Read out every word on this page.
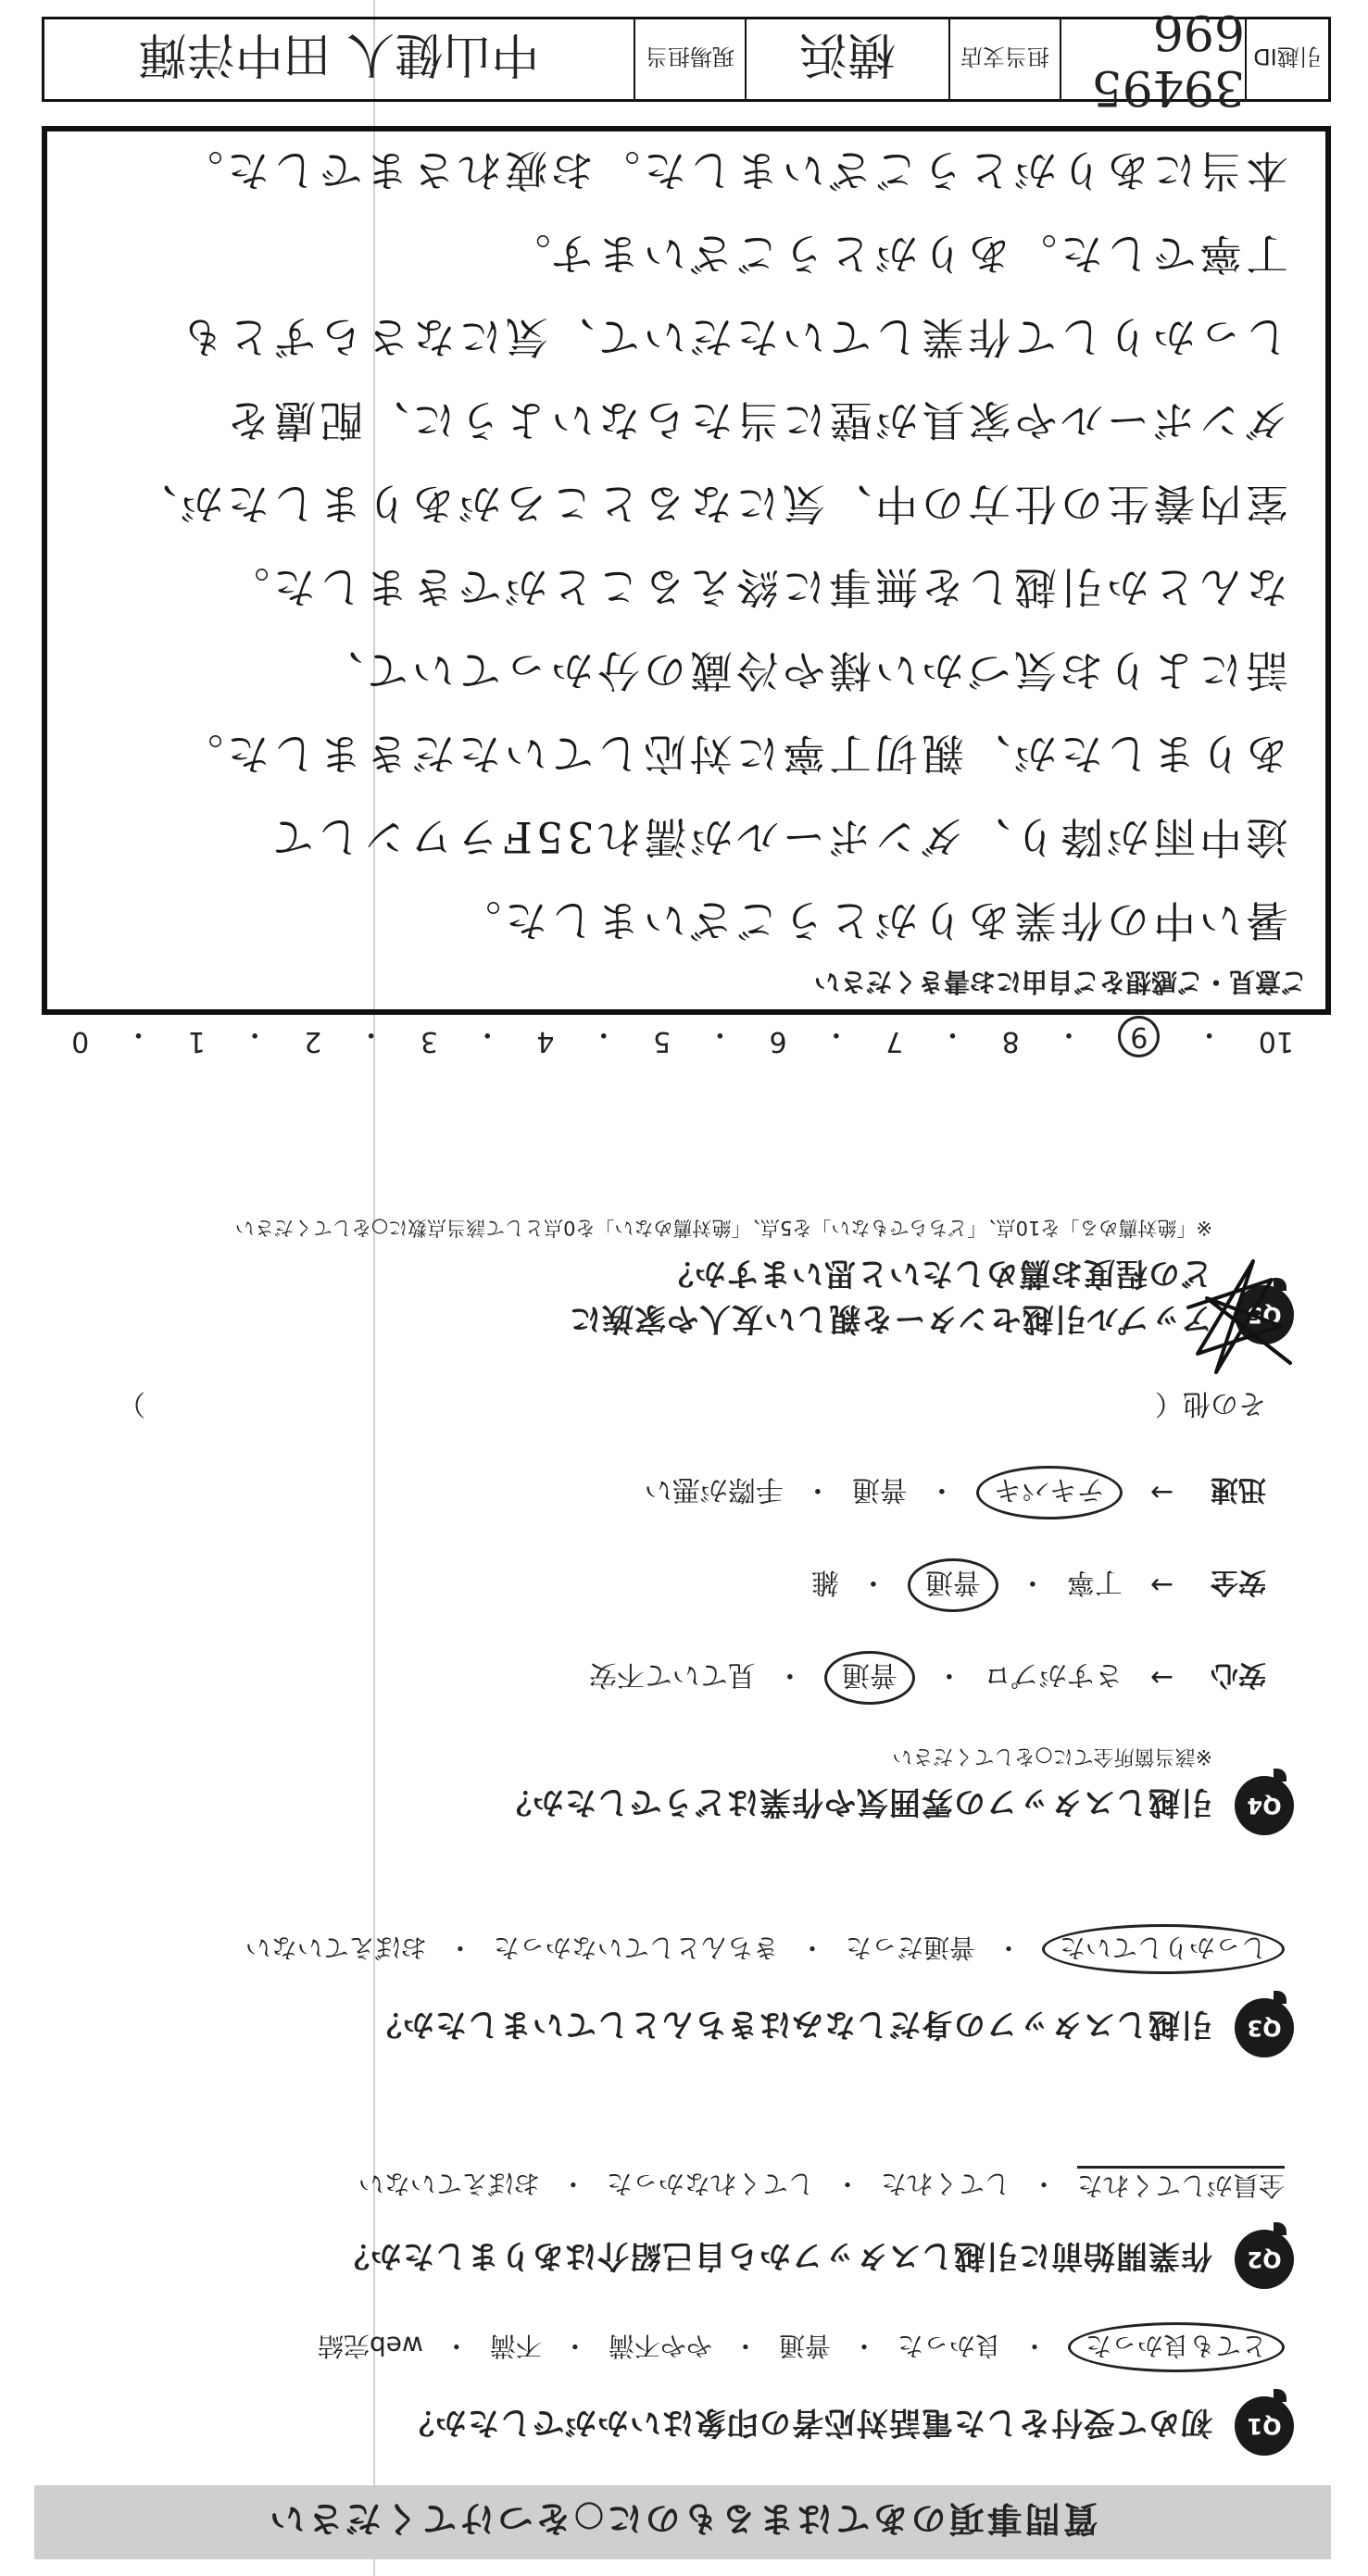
質問事項のあてはまるものに○をつけてください
Q1
初めて受付をした電話対応者の印象はいかがでしたか？
とても良かった
・
良かった
・
普通
・
やや不満
・
不満
・
web完結
Q2
作業開始前に引越しスタッフから自己紹介はありましたか？
全員がしてくれた
・
してくれた
・
してくれなかった
・
おぼえていない
Q3
引越しスタッフの身だしなみはきちんとしていましたか？
しっかりしていた
・
普通だった
・
きちんとしていなかった
・
おぼえていない
Q4
引越しスタッフの雰囲気や作業はどうでしたか？
※該当箇所全てに○をしてください
安心
→
さすがプロ
・
普通
・
見ていて不安
安全
→
丁寧
・
普通
・
雑
迅速
→
テキパキ
・
普通
・
手際が悪い
その他（
）
Q5
アップル引越センターを親しい友人や家族に
どの程度お薦めしたいと思いますか？
※「絶対薦める」を10点、「どちらでもない」を5点、「絶対薦めない」を0点として該当点数に○をしてください
10
・
9
・
8
・
7
・
6
・
5
・
4
・
3
・
2
・
1
・
0
ご意見・ご感想をご自由にお書きください
暑い中の作業ありがとうございました。
途中雨が降り、ダンボールが濡れ35Fラワンして
ありましたが、親切丁寧に対応していただきました。
話によりお気づかい様や冷蔵の分かっていて、
なんとか引越しを無事に終えることができました。
室内養生の仕方の中、気になるところがありましたが、
ダンボールや家具が壁に当たらないように、配慮を
しっかりして作業していただいて、気になさらずとも
丁寧でした。ありがとうございます。
本当にありがとうございました。お疲れさまでした。
引越ID
39495 696
担当支店
横浜
現場担当
中山健人 田中洋輝
